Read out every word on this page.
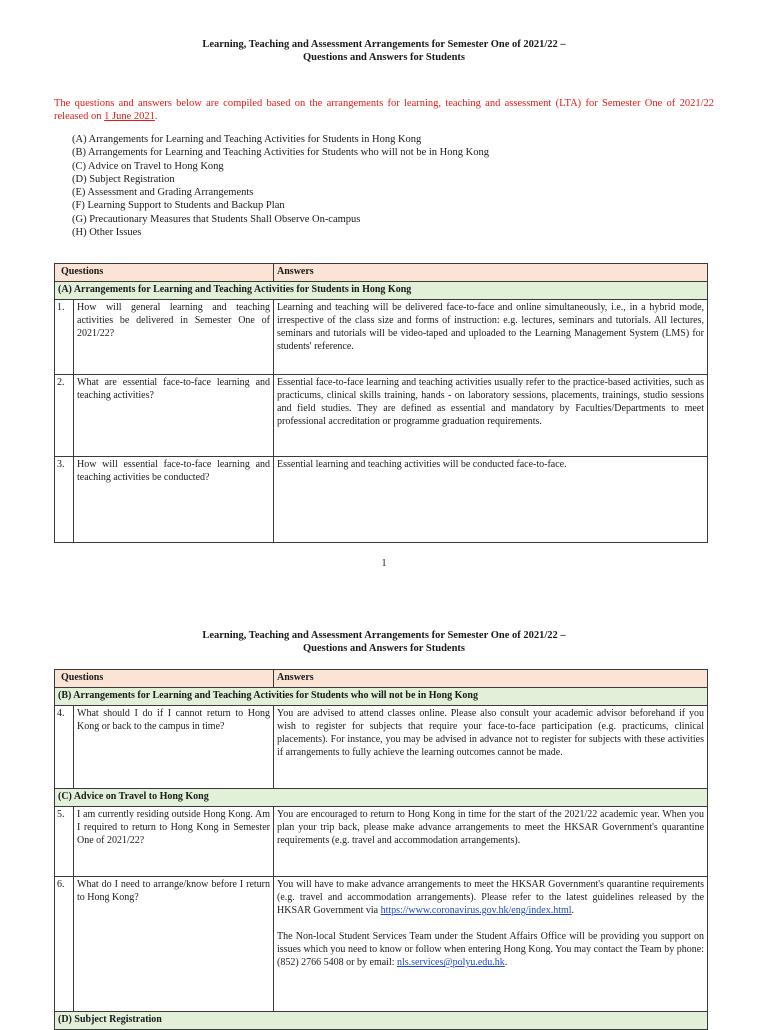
Learning, Teaching and Assessment Arrangements for Semester One of 2021/22 –
Questions and Answers for Students
The questions and answers below are compiled based on the arrangements for learning, teaching and assessment (LTA) for Semester One of 2021/22 released on 1 June 2021.
(A) Arrangements for Learning and Teaching Activities for Students in Hong Kong
(B) Arrangements for Learning and Teaching Activities for Students who will not be in Hong Kong
(C) Advice on Travel to Hong Kong
(D) Subject Registration
(E) Assessment and Grading Arrangements
(F) Learning Support to Students and Backup Plan
(G) Precautionary Measures that Students Shall Observe On-campus
(H) Other Issues
Questions		Answers
(A) Arrangements for Learning and Teaching Activities for Students in Hong Kong		
1.	How will general learning and teaching activities be delivered in Semester One of 2021/22?	Learning and teaching will be delivered face-to-face and online simultaneously, i.e., in a hybrid mode, irrespective of the class size and forms of instruction: e.g. lectures, seminars and tutorials. All lectures, seminars and tutorials will be video-taped and uploaded to the Learning Management System (LMS) for students' reference.
2.	What are essential face-to-face learning and teaching activities?	Essential face-to-face learning and teaching activities usually refer to the practice-based activities, such as practicums, clinical skills training, hands - on laboratory sessions, placements, trainings, studio sessions and field studies. They are defined as essential and mandatory by Faculties/Departments to meet professional accreditation or programme graduation requirements.
3.	How will essential face-to-face learning and teaching activities be conducted?	Essential learning and teaching activities will be conducted face-to-face.
1
Learning, Teaching and Assessment Arrangements for Semester One of 2021/22 –
Questions and Answers for Students
Questions		Answers
(B) Arrangements for Learning and Teaching Activities for Students who will not be in Hong Kong		
4.	What should I do if I cannot return to Hong Kong or back to the campus in time?	You are advised to attend classes online. Please also consult your academic advisor beforehand if you wish to register for subjects that require your face-to-face participation (e.g. practicums, clinical placements). For instance, you may be advised in advance not to register for subjects with these activities if arrangements to fully achieve the learning outcomes cannot be made.
(C) Advice on Travel to Hong Kong		
5.	I am currently residing outside Hong Kong. Am I required to return to Hong Kong in Semester One of 2021/22?	You are encouraged to return to Hong Kong in time for the start of the 2021/22 academic year. When you plan your trip back, please make advance arrangements to meet the HKSAR Government's quarantine requirements (e.g. travel and accommodation arrangements).
6.	What do I need to arrange/know before I return to Hong Kong?	You will have to make advance arrangements to meet the HKSAR Government's quarantine requirements (e.g. travel and accommodation arrangements). Please refer to the latest guidelines released by the HKSAR Government via https://www.coronavirus.gov.hk/eng/index.html.
The Non-local Student Services Team under the Student Affairs Office will be providing you support on issues which you need to know or follow when entering Hong Kong. You may contact the Team by phone: (852) 2766 5408 or by email: nls.services@polyu.edu.hk.

(D) Subject Registration		
